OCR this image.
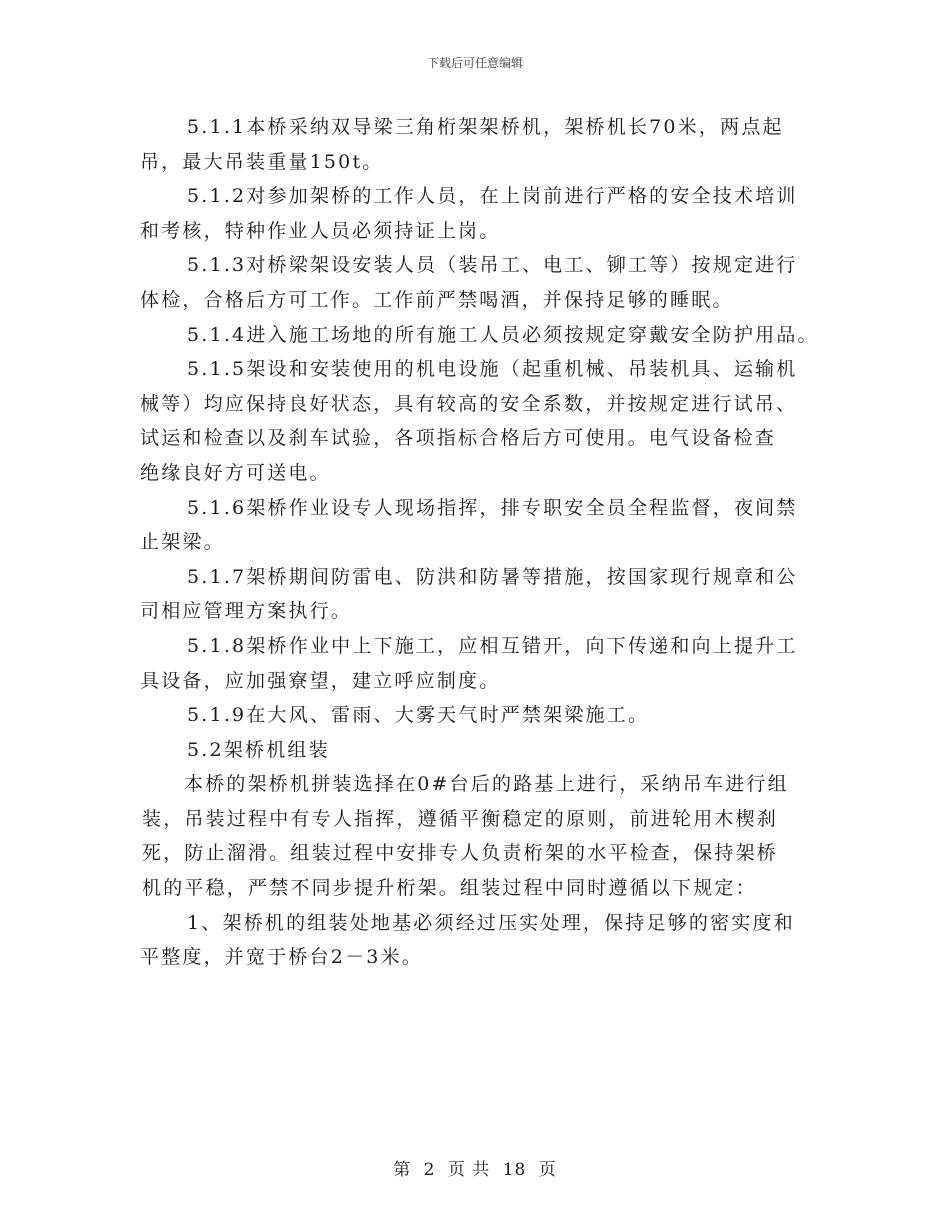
下载后可任意编辑
5.1.1本桥采纳双导梁三角桁架架桥机，架桥机长70米，两点起
吊，最大吊装重量150t。
5.1.2对参加架桥的工作人员，在上岗前进行严格的安全技术培训
和考核，特种作业人员必须持证上岗。
5.1.3对桥梁架设安装人员（装吊工、电工、铆工等）按规定进行
体检，合格后方可工作。工作前严禁喝酒，并保持足够的睡眠。
5.1.4进入施工场地的所有施工人员必须按规定穿戴安全防护用品。
5.1.5架设和安装使用的机电设施（起重机械、吊装机具、运输机
械等）均应保持良好状态，具有较高的安全系数，并按规定进行试吊、
试运和检查以及刹车试验，各项指标合格后方可使用。电气设备检查
绝缘良好方可送电。
5.1.6架桥作业设专人现场指挥，排专职安全员全程监督，夜间禁
止架梁。
5.1.7架桥期间防雷电、防洪和防暑等措施，按国家现行规章和公
司相应管理方案执行。
5.1.8架桥作业中上下施工，应相互错开，向下传递和向上提升工
具设备，应加强寮望，建立呼应制度。
5.1.9在大风、雷雨、大雾天气时严禁架梁施工。
5.2架桥机组装
本桥的架桥机拼装选择在0#台后的路基上进行，采纳吊车进行组
装，吊装过程中有专人指挥，遵循平衡稳定的原则，前进轮用木楔刹
死，防止溜滑。组装过程中安排专人负责桁架的水平检查，保持架桥
机的平稳，严禁不同步提升桁架。组装过程中同时遵循以下规定：
1、架桥机的组装处地基必须经过压实处理，保持足够的密实度和
平整度，并宽于桥台2－3米。
第 2 页 共 18 页
